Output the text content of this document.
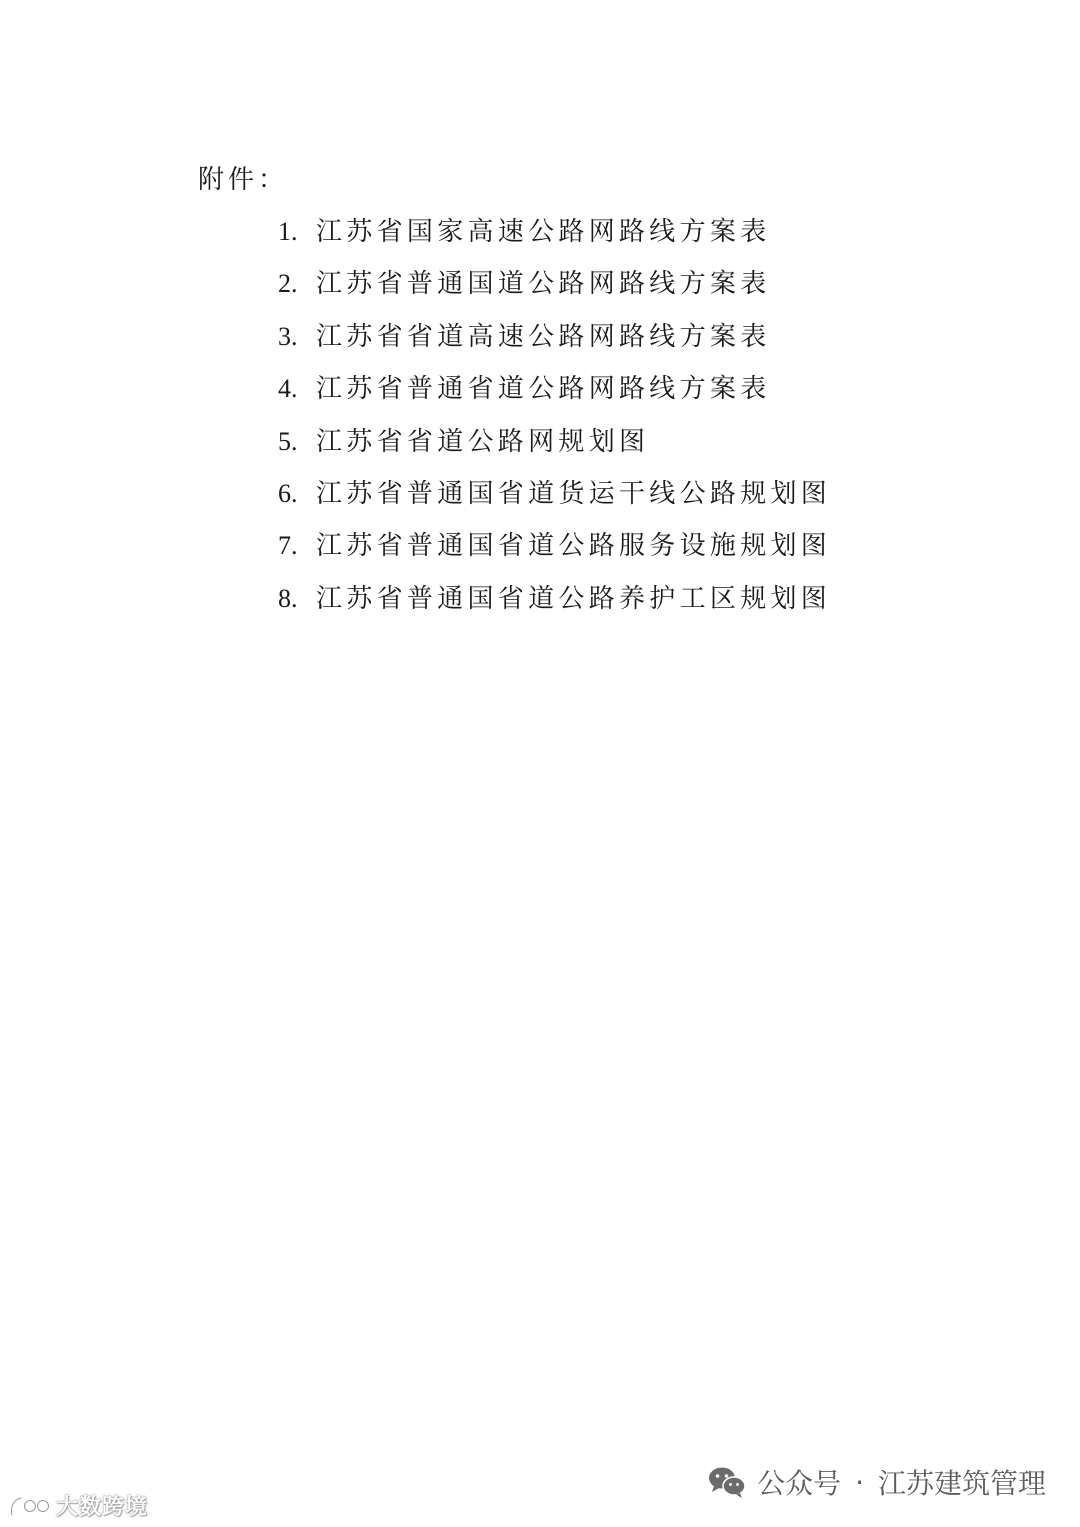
附件：
1. 江苏省国家高速公路网路线方案表
2. 江苏省普通国道公路网路线方案表
3. 江苏省省道高速公路网路线方案表
4. 江苏省普通省道公路网路线方案表
5. 江苏省省道公路网规划图
6. 江苏省普通国省道货运干线公路规划图
7. 江苏省普通国省道公路服务设施规划图
8. 江苏省普通国省道公路养护工区规划图
公众号 · 江苏建筑管理
大数跨境
